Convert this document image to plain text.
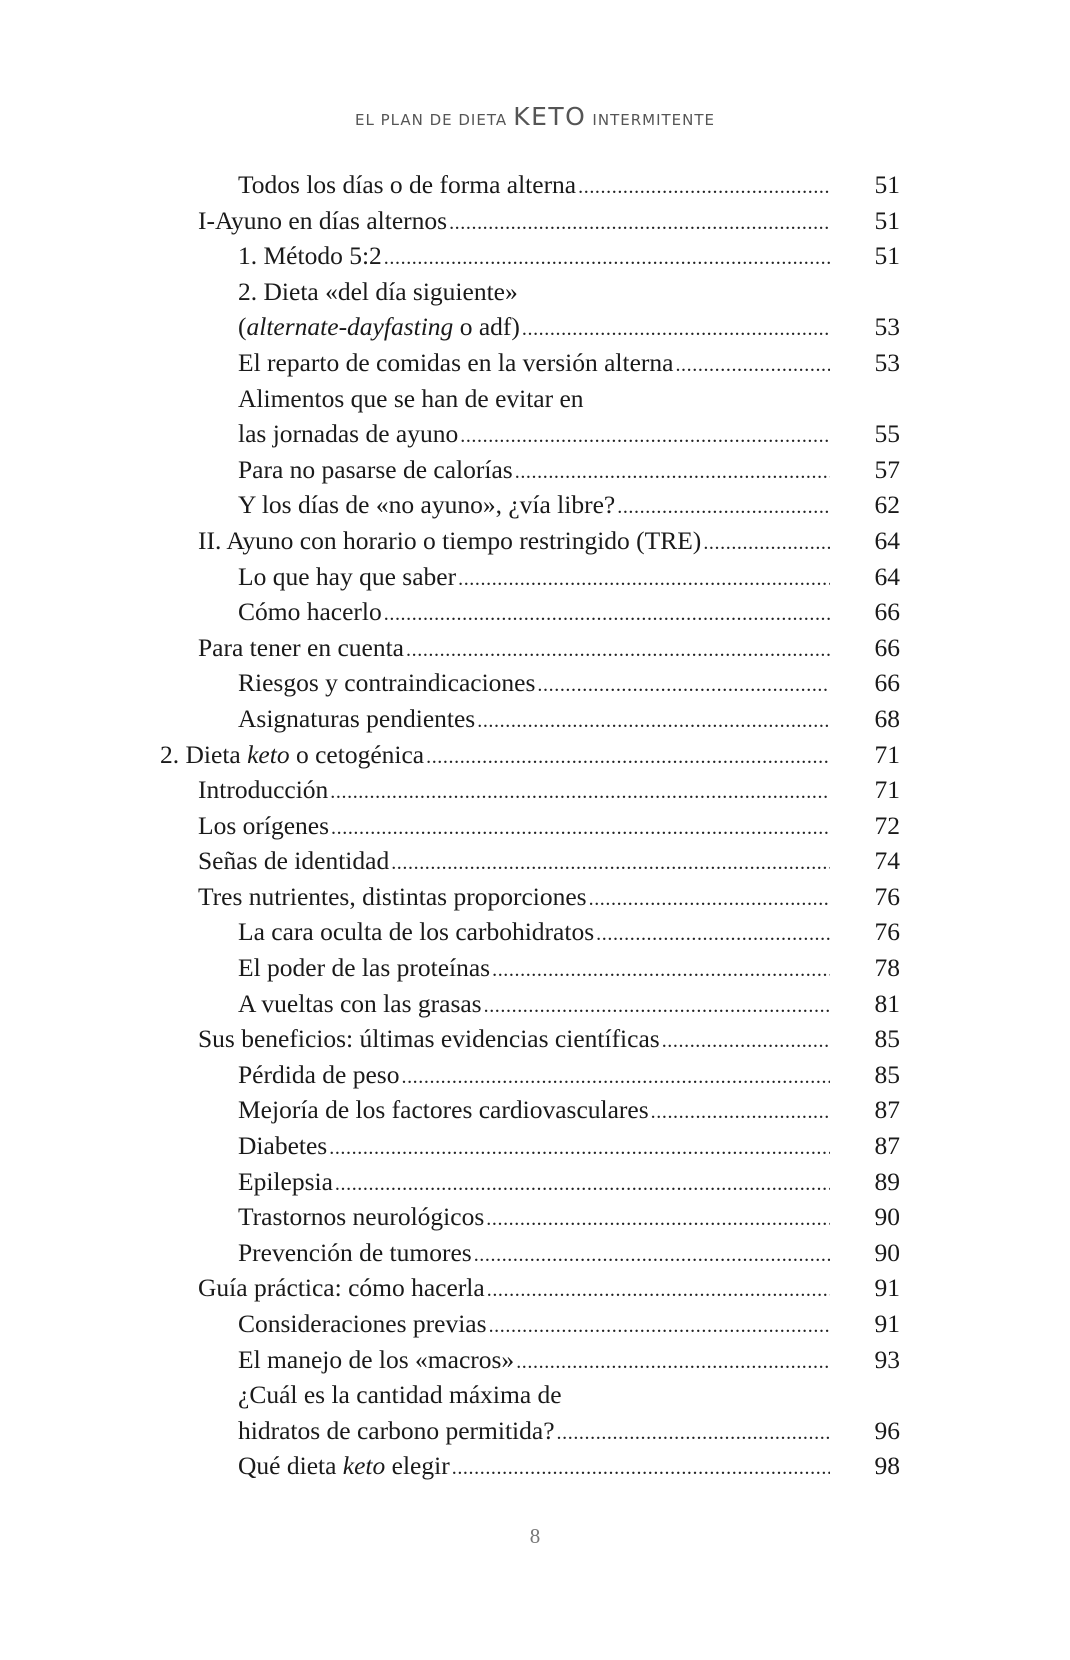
EL PLAN DE DIETA KETO INTERMITENTE
Todos los días o de forma alterna . . .	51
I-Ayuno en días alternos . . .	51
1. Método 5:2 . . .	51
2. Dieta «del día siguiente»
(alternate-dayfasting o adf) . . .	53
El reparto de comidas en la versión alterna . . .	53
Alimentos que se han de evitar en
las jornadas de ayuno . . .	55
Para no pasarse de calorías . . .	57
Y los días de «no ayuno», ¿vía libre? . . .	62
II. Ayuno con horario o tiempo restringido (TRE) . . .	64
Lo que hay que saber . . .	64
Cómo hacerlo . . .	66
Para tener en cuenta . . .	66
Riesgos y contraindicaciones . . .	66
Asignaturas pendientes . . .	68
2. Dieta keto o cetogénica . . .	71
Introducción . . .	71
Los orígenes . . .	72
Señas de identidad . . .	74
Tres nutrientes, distintas proporciones . . .	76
La cara oculta de los carbohidratos . . .	76
El poder de las proteínas . . .	78
A vueltas con las grasas . . .	81
Sus beneficios: últimas evidencias científicas . . .	85
Pérdida de peso . . .	85
Mejoría de los factores cardiovasculares . . .	87
Diabetes . . .	87
Epilepsia . . .	89
Trastornos neurológicos . . .	90
Prevención de tumores . . .	90
Guía práctica: cómo hacerla . . .	91
Consideraciones previas . . .	91
El manejo de los «macros» . . .	93
¿Cuál es la cantidad máxima de
hidratos de carbono permitida? . . .	96
Qué dieta keto elegir . . .	98
8
